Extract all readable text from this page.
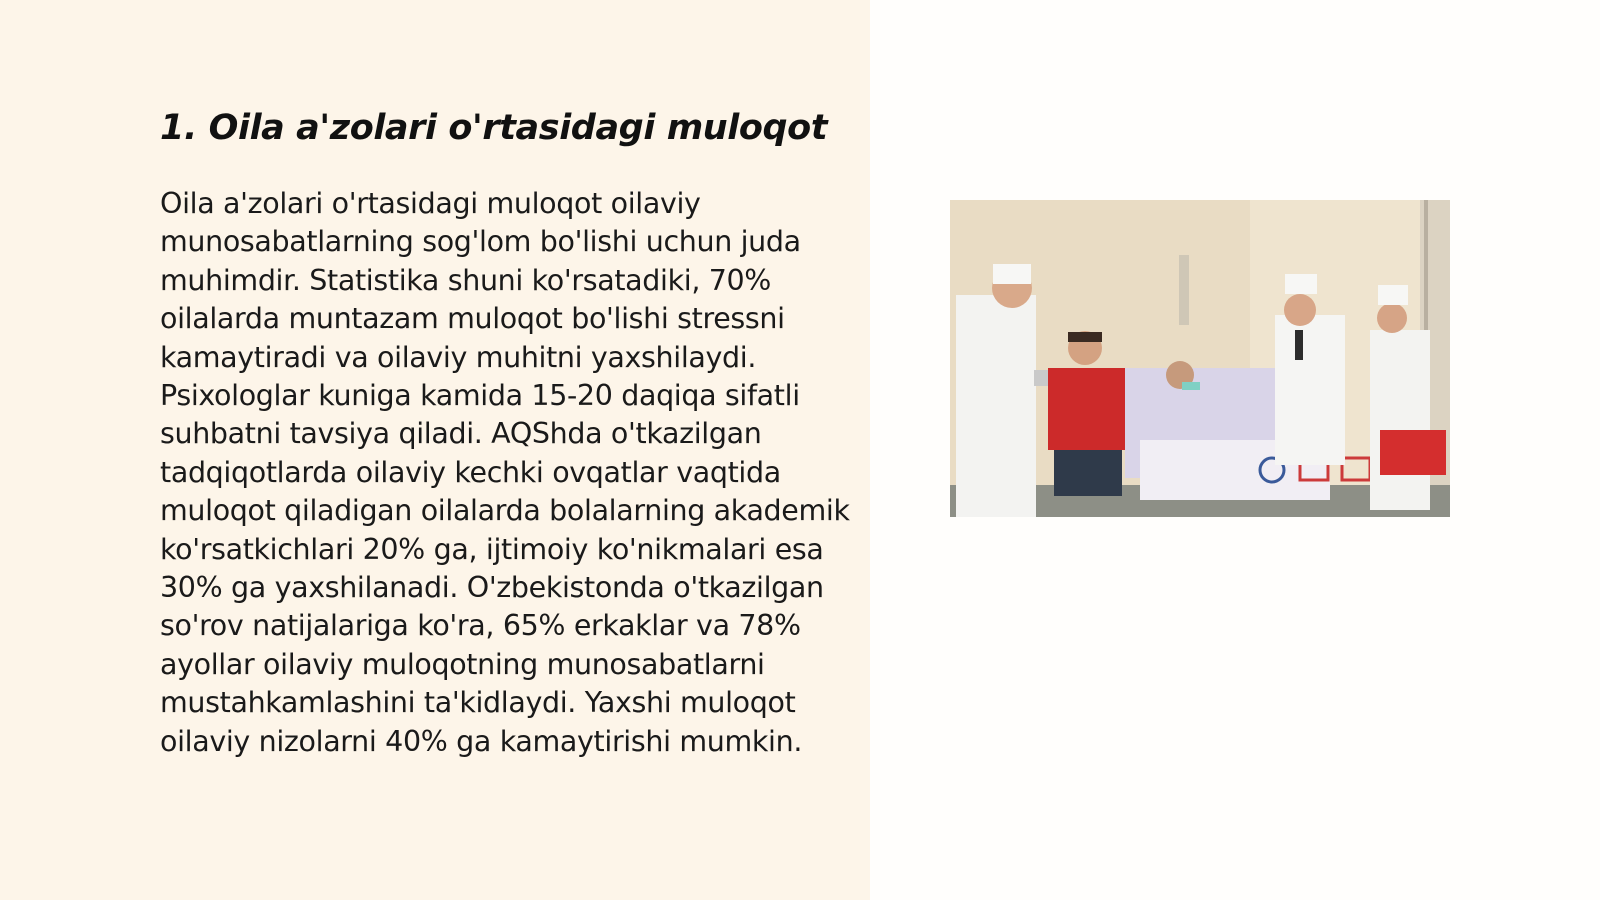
1. Oila a'zolari o'rtasidagi muloqot

Oila a'zolari o'rtasidagi muloqot oilaviy munosabatlarning sog'lom bo'lishi uchun juda muhimdir. Statistika shuni ko'rsatadiki, 70% oilalarda muntazam muloqot bo'lishi stressni kamaytiradi va oilaviy muhitni yaxshilaydi. Psixologlar kuniga kamida 15-20 daqiqa sifatli suhbatni tavsiya qiladi. AQShda o'tkazilgan tadqiqotlarda oilaviy kechki ovqatlar vaqtida muloqot qiladigan oilalarda bolalarning akademik ko'rsatkichlari 20% ga, ijtimoiy ko'nikmalari esa 30% ga yaxshilanadi. O'zbekistonda o'tkazilgan so'rov natijalariga ko'ra, 65% erkaklar va 78% ayollar oilaviy muloqotning munosabatlarni mustahkamlashini ta'kidlaydi. Yaxshi muloqot oilaviy nizolarni 40% ga kamaytirishi mumkin.
